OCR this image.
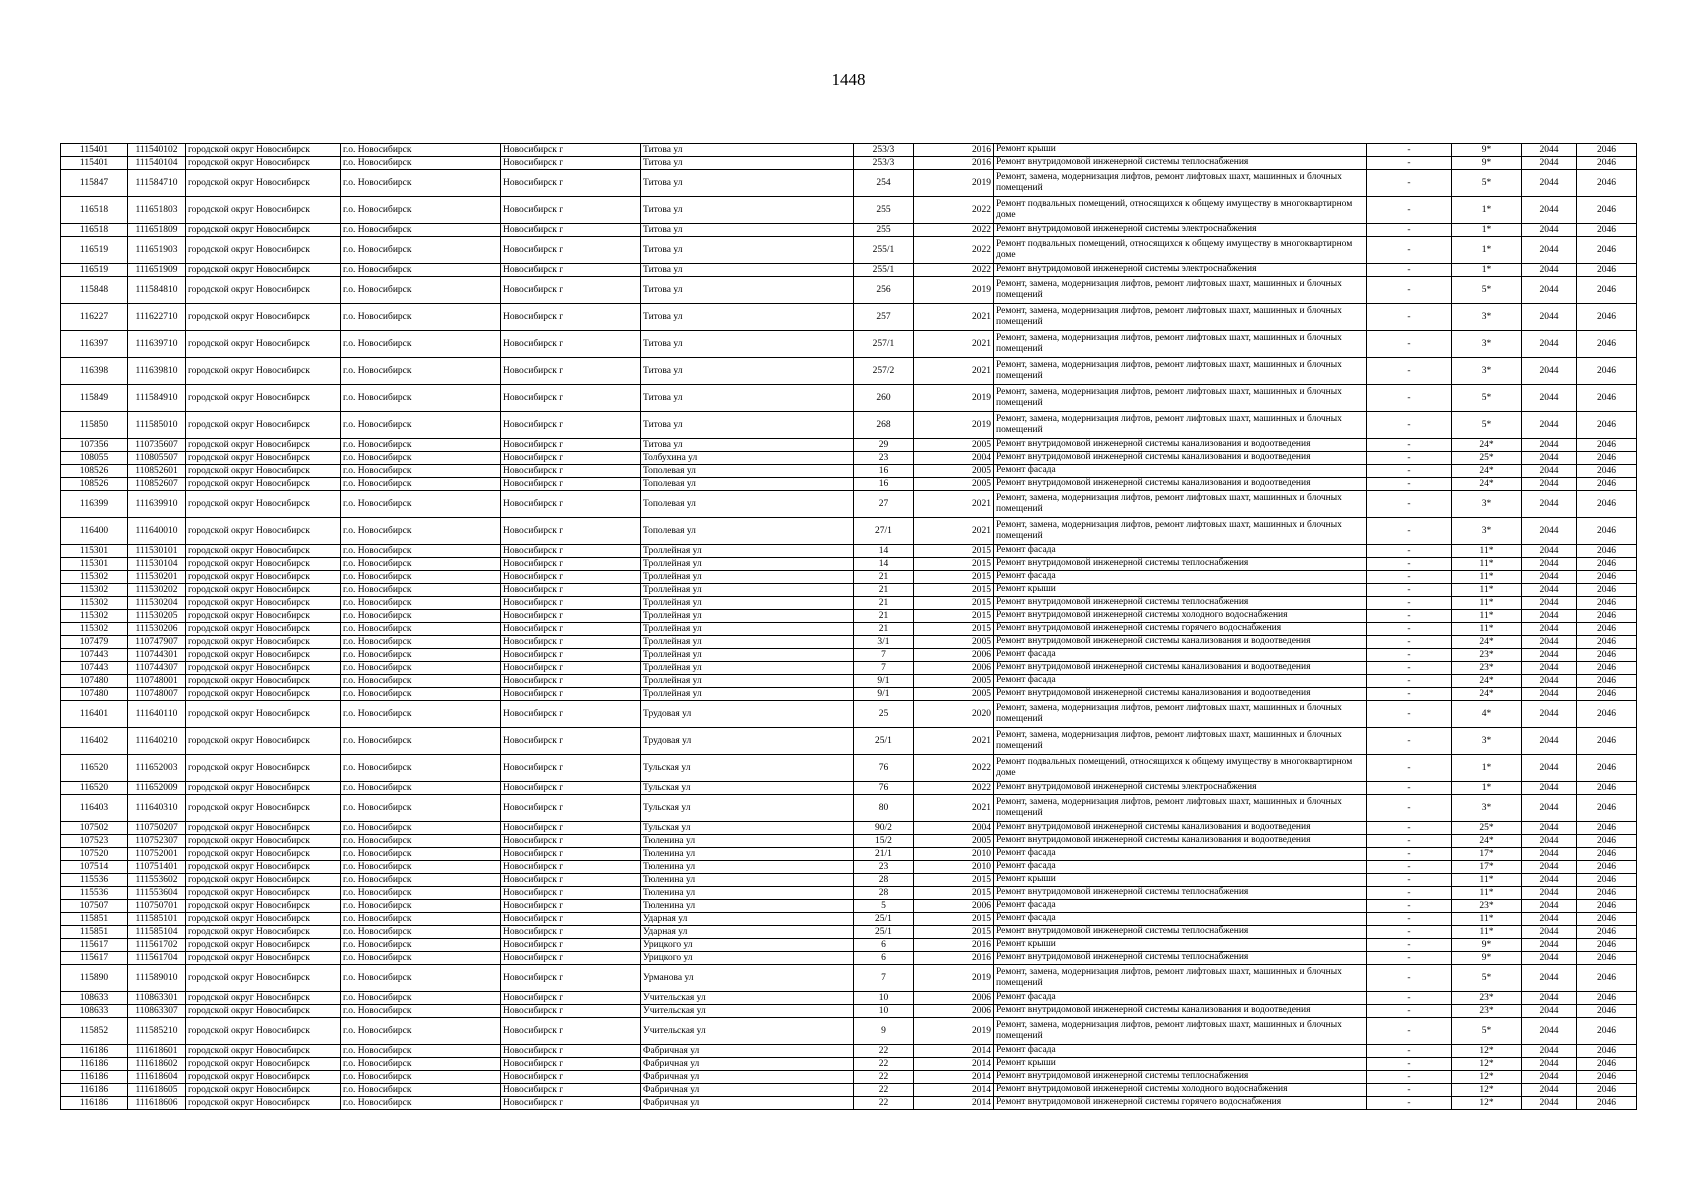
1448
115401	111540102	городской округ Новосибирск	г.о. Новосибирск	Новосибирск г	Титова ул	253/3	2016	Ремонт крыши	-	9*	2044	2046
115401	111540104	городской округ Новосибирск	г.о. Новосибирск	Новосибирск г	Титова ул	253/3	2016	Ремонт внутридомовой инженерной системы теплоснабжения	-	9*	2044	2046
115847	111584710	городской округ Новосибирск	г.о. Новосибирск	Новосибирск г	Титова ул	254	2019	Ремонт, замена, модернизация лифтов, ремонт лифтовых шахт, машинных и блочных помещений	-	5*	2044	2046
116518	111651803	городской округ Новосибирск	г.о. Новосибирск	Новосибирск г	Титова ул	255	2022	Ремонт подвальных помещений, относящихся к общему имуществу в многоквартирном доме	-	1*	2044	2046
116518	111651809	городской округ Новосибирск	г.о. Новосибирск	Новосибирск г	Титова ул	255	2022	Ремонт внутридомовой инженерной системы электроснабжения	-	1*	2044	2046
116519	111651903	городской округ Новосибирск	г.о. Новосибирск	Новосибирск г	Титова ул	255/1	2022	Ремонт подвальных помещений, относящихся к общему имуществу в многоквартирном доме	-	1*	2044	2046
116519	111651909	городской округ Новосибирск	г.о. Новосибирск	Новосибирск г	Титова ул	255/1	2022	Ремонт внутридомовой инженерной системы электроснабжения	-	1*	2044	2046
115848	111584810	городской округ Новосибирск	г.о. Новосибирск	Новосибирск г	Титова ул	256	2019	Ремонт, замена, модернизация лифтов, ремонт лифтовых шахт, машинных и блочных помещений	-	5*	2044	2046
116227	111622710	городской округ Новосибирск	г.о. Новосибирск	Новосибирск г	Титова ул	257	2021	Ремонт, замена, модернизация лифтов, ремонт лифтовых шахт, машинных и блочных помещений	-	3*	2044	2046
116397	111639710	городской округ Новосибирск	г.о. Новосибирск	Новосибирск г	Титова ул	257/1	2021	Ремонт, замена, модернизация лифтов, ремонт лифтовых шахт, машинных и блочных помещений	-	3*	2044	2046
116398	111639810	городской округ Новосибирск	г.о. Новосибирск	Новосибирск г	Титова ул	257/2	2021	Ремонт, замена, модернизация лифтов, ремонт лифтовых шахт, машинных и блочных помещений	-	3*	2044	2046
115849	111584910	городской округ Новосибирск	г.о. Новосибирск	Новосибирск г	Титова ул	260	2019	Ремонт, замена, модернизация лифтов, ремонт лифтовых шахт, машинных и блочных помещений	-	5*	2044	2046
115850	111585010	городской округ Новосибирск	г.о. Новосибирск	Новосибирск г	Титова ул	268	2019	Ремонт, замена, модернизация лифтов, ремонт лифтовых шахт, машинных и блочных помещений	-	5*	2044	2046
107356	110735607	городской округ Новосибирск	г.о. Новосибирск	Новосибирск г	Титова ул	29	2005	Ремонт внутридомовой инженерной системы канализования и водоотведения	-	24*	2044	2046
108055	110805507	городской округ Новосибирск	г.о. Новосибирск	Новосибирск г	Толбухина ул	23	2004	Ремонт внутридомовой инженерной системы канализования и водоотведения	-	25*	2044	2046
108526	110852601	городской округ Новосибирск	г.о. Новосибирск	Новосибирск г	Тополевая ул	16	2005	Ремонт фасада	-	24*	2044	2046
108526	110852607	городской округ Новосибирск	г.о. Новосибирск	Новосибирск г	Тополевая ул	16	2005	Ремонт внутридомовой инженерной системы канализования и водоотведения	-	24*	2044	2046
116399	111639910	городской округ Новосибирск	г.о. Новосибирск	Новосибирск г	Тополевая ул	27	2021	Ремонт, замена, модернизация лифтов, ремонт лифтовых шахт, машинных и блочных помещений	-	3*	2044	2046
116400	111640010	городской округ Новосибирск	г.о. Новосибирск	Новосибирск г	Тополевая ул	27/1	2021	Ремонт, замена, модернизация лифтов, ремонт лифтовых шахт, машинных и блочных помещений	-	3*	2044	2046
115301	111530101	городской округ Новосибирск	г.о. Новосибирск	Новосибирск г	Троллейная ул	14	2015	Ремонт фасада	-	11*	2044	2046
115301	111530104	городской округ Новосибирск	г.о. Новосибирск	Новосибирск г	Троллейная ул	14	2015	Ремонт внутридомовой инженерной системы теплоснабжения	-	11*	2044	2046
115302	111530201	городской округ Новосибирск	г.о. Новосибирск	Новосибирск г	Троллейная ул	21	2015	Ремонт фасада	-	11*	2044	2046
115302	111530202	городской округ Новосибирск	г.о. Новосибирск	Новосибирск г	Троллейная ул	21	2015	Ремонт крыши	-	11*	2044	2046
115302	111530204	городской округ Новосибирск	г.о. Новосибирск	Новосибирск г	Троллейная ул	21	2015	Ремонт внутридомовой инженерной системы теплоснабжения	-	11*	2044	2046
115302	111530205	городской округ Новосибирск	г.о. Новосибирск	Новосибирск г	Троллейная ул	21	2015	Ремонт внутридомовой инженерной системы холодного водоснабжения	-	11*	2044	2046
115302	111530206	городской округ Новосибирск	г.о. Новосибирск	Новосибирск г	Троллейная ул	21	2015	Ремонт внутридомовой инженерной системы горячего водоснабжения	-	11*	2044	2046
107479	110747907	городской округ Новосибирск	г.о. Новосибирск	Новосибирск г	Троллейная ул	3/1	2005	Ремонт внутридомовой инженерной системы канализования и водоотведения	-	24*	2044	2046
107443	110744301	городской округ Новосибирск	г.о. Новосибирск	Новосибирск г	Троллейная ул	7	2006	Ремонт фасада	-	23*	2044	2046
107443	110744307	городской округ Новосибирск	г.о. Новосибирск	Новосибирск г	Троллейная ул	7	2006	Ремонт внутридомовой инженерной системы канализования и водоотведения	-	23*	2044	2046
107480	110748001	городской округ Новосибирск	г.о. Новосибирск	Новосибирск г	Троллейная ул	9/1	2005	Ремонт фасада	-	24*	2044	2046
107480	110748007	городской округ Новосибирск	г.о. Новосибирск	Новосибирск г	Троллейная ул	9/1	2005	Ремонт внутридомовой инженерной системы канализования и водоотведения	-	24*	2044	2046
116401	111640110	городской округ Новосибирск	г.о. Новосибирск	Новосибирск г	Трудовая ул	25	2020	Ремонт, замена, модернизация лифтов, ремонт лифтовых шахт, машинных и блочных помещений	-	4*	2044	2046
116402	111640210	городской округ Новосибирск	г.о. Новосибирск	Новосибирск г	Трудовая ул	25/1	2021	Ремонт, замена, модернизация лифтов, ремонт лифтовых шахт, машинных и блочных помещений	-	3*	2044	2046
116520	111652003	городской округ Новосибирск	г.о. Новосибирск	Новосибирск г	Тульская ул	76	2022	Ремонт подвальных помещений, относящихся к общему имуществу в многоквартирном доме	-	1*	2044	2046
116520	111652009	городской округ Новосибирск	г.о. Новосибирск	Новосибирск г	Тульская ул	76	2022	Ремонт внутридомовой инженерной системы электроснабжения	-	1*	2044	2046
116403	111640310	городской округ Новосибирск	г.о. Новосибирск	Новосибирск г	Тульская ул	80	2021	Ремонт, замена, модернизация лифтов, ремонт лифтовых шахт, машинных и блочных помещений	-	3*	2044	2046
107502	110750207	городской округ Новосибирск	г.о. Новосибирск	Новосибирск г	Тульская ул	90/2	2004	Ремонт внутридомовой инженерной системы канализования и водоотведения	-	25*	2044	2046
107523	110752307	городской округ Новосибирск	г.о. Новосибирск	Новосибирск г	Тюленина ул	15/2	2005	Ремонт внутридомовой инженерной системы канализования и водоотведения	-	24*	2044	2046
107520	110752001	городской округ Новосибирск	г.о. Новосибирск	Новосибирск г	Тюленина ул	21/1	2010	Ремонт фасада	-	17*	2044	2046
107514	110751401	городской округ Новосибирск	г.о. Новосибирск	Новосибирск г	Тюленина ул	23	2010	Ремонт фасада	-	17*	2044	2046
115536	111553602	городской округ Новосибирск	г.о. Новосибирск	Новосибирск г	Тюленина ул	28	2015	Ремонт крыши	-	11*	2044	2046
115536	111553604	городской округ Новосибирск	г.о. Новосибирск	Новосибирск г	Тюленина ул	28	2015	Ремонт внутридомовой инженерной системы теплоснабжения	-	11*	2044	2046
107507	110750701	городской округ Новосибирск	г.о. Новосибирск	Новосибирск г	Тюленина ул	5	2006	Ремонт фасада	-	23*	2044	2046
115851	111585101	городской округ Новосибирск	г.о. Новосибирск	Новосибирск г	Ударная ул	25/1	2015	Ремонт фасада	-	11*	2044	2046
115851	111585104	городской округ Новосибирск	г.о. Новосибирск	Новосибирск г	Ударная ул	25/1	2015	Ремонт внутридомовой инженерной системы теплоснабжения	-	11*	2044	2046
115617	111561702	городской округ Новосибирск	г.о. Новосибирск	Новосибирск г	Урицкого ул	6	2016	Ремонт крыши	-	9*	2044	2046
115617	111561704	городской округ Новосибирск	г.о. Новосибирск	Новосибирск г	Урицкого ул	6	2016	Ремонт внутридомовой инженерной системы теплоснабжения	-	9*	2044	2046
115890	111589010	городской округ Новосибирск	г.о. Новосибирск	Новосибирск г	Урманова ул	7	2019	Ремонт, замена, модернизация лифтов, ремонт лифтовых шахт, машинных и блочных помещений	-	5*	2044	2046
108633	110863301	городской округ Новосибирск	г.о. Новосибирск	Новосибирск г	Учительская ул	10	2006	Ремонт фасада	-	23*	2044	2046
108633	110863307	городской округ Новосибирск	г.о. Новосибирск	Новосибирск г	Учительская ул	10	2006	Ремонт внутридомовой инженерной системы канализования и водоотведения	-	23*	2044	2046
115852	111585210	городской округ Новосибирск	г.о. Новосибирск	Новосибирск г	Учительская ул	9	2019	Ремонт, замена, модернизация лифтов, ремонт лифтовых шахт, машинных и блочных помещений	-	5*	2044	2046
116186	111618601	городской округ Новосибирск	г.о. Новосибирск	Новосибирск г	Фабричная ул	22	2014	Ремонт фасада	-	12*	2044	2046
116186	111618602	городской округ Новосибирск	г.о. Новосибирск	Новосибирск г	Фабричная ул	22	2014	Ремонт крыши	-	12*	2044	2046
116186	111618604	городской округ Новосибирск	г.о. Новосибирск	Новосибирск г	Фабричная ул	22	2014	Ремонт внутридомовой инженерной системы теплоснабжения	-	12*	2044	2046
116186	111618605	городской округ Новосибирск	г.о. Новосибирск	Новосибирск г	Фабричная ул	22	2014	Ремонт внутридомовой инженерной системы холодного водоснабжения	-	12*	2044	2046
116186	111618606	городской округ Новосибирск	г.о. Новосибирск	Новосибирск г	Фабричная ул	22	2014	Ремонт внутридомовой инженерной системы горячего водоснабжения	-	12*	2044	2046
